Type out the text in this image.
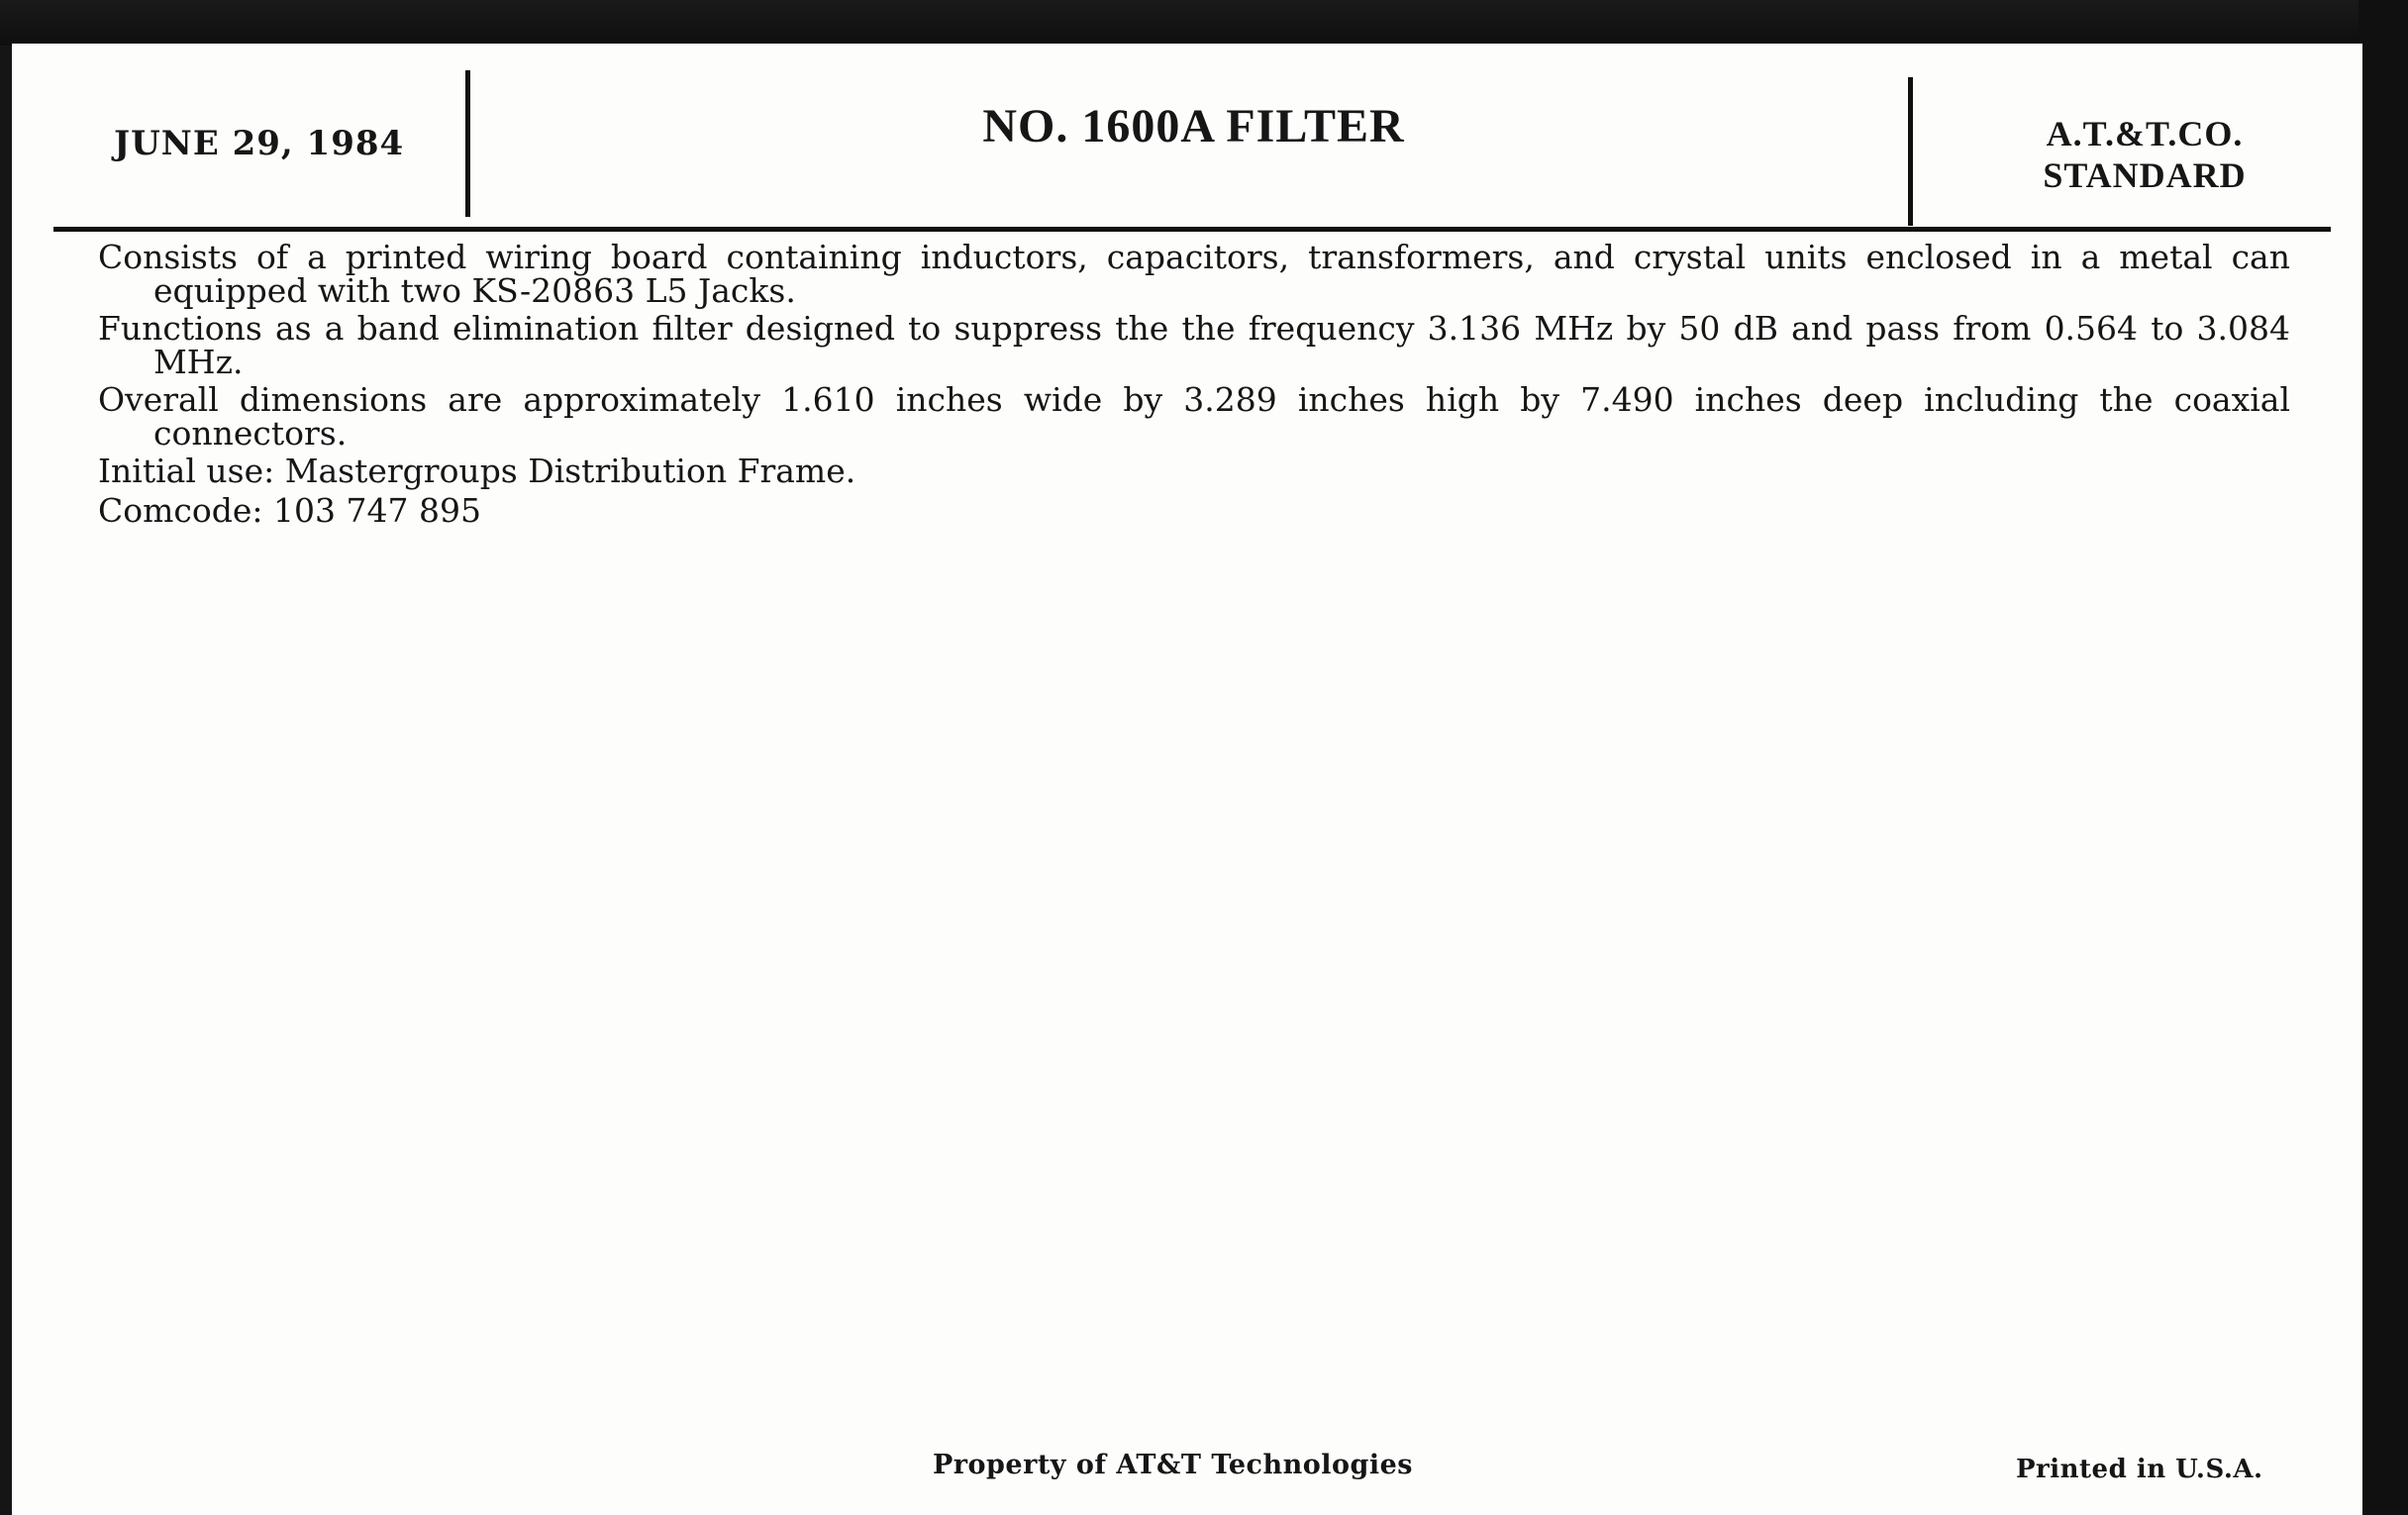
JUNE 29, 1984	NO. 1600A FILTER	A.T.&T.CO.
STANDARD

Consists of a printed wiring board containing inductors, capacitors, transformers, and crystal units enclosed in a metal can equipped with two KS-20863 L5 Jacks.

Functions as a band elimination filter designed to suppress the the frequency 3.136 MHz by 50 dB and pass from 0.564 to 3.084 MHz.

Overall dimensions are approximately 1.610 inches wide by 3.289 inches high by 7.490 inches deep including the coaxial connectors.

Initial use: Mastergroups Distribution Frame.

Comcode: 103 747 895

Property of AT&T Technologies	Printed in U.S.A.
